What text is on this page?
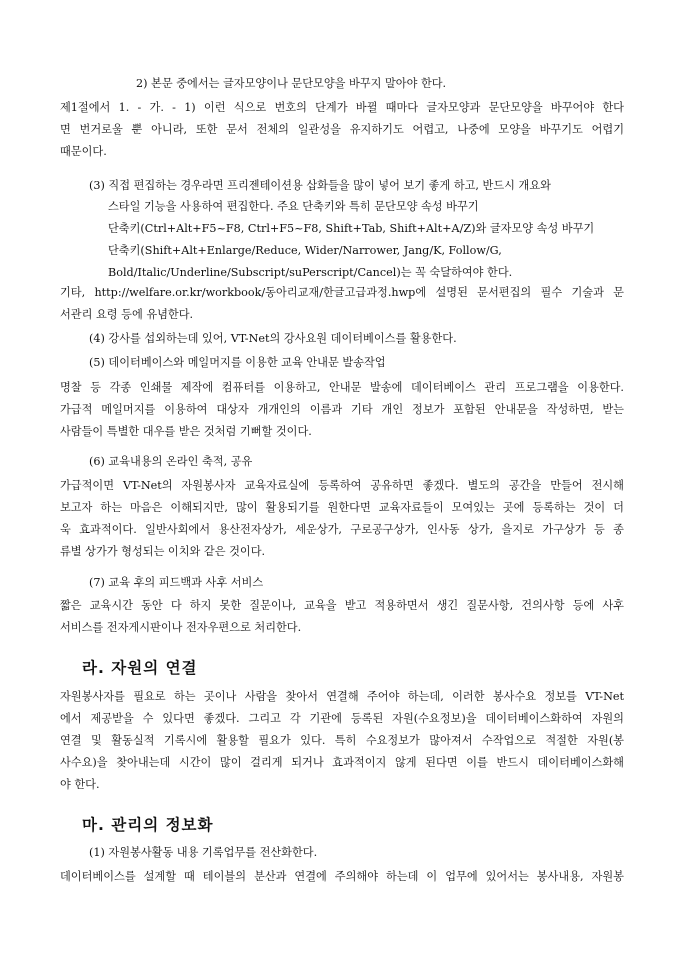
2) 본문 중에서는 글자모양이나 문단모양을 바꾸지 말아야 한다.

제1절에서 1. - 가. - 1) 이런 식으로 번호의 단계가 바뀔 때마다 글자모양과 문단모양을 바꾸어야 한다

면 번거로울 뿐 아니라, 또한 문서 전체의 일관성을 유지하기도 어렵고, 나중에 모양을 바꾸기도 어렵기

때문이다.

(3) 직접 편집하는 경우라면 프리젠테이션용 삽화들을 많이 넣어 보기 좋게 하고, 반드시 개요와

스타일 기능을 사용하여 편집한다. 주요 단축키와 특히 문단모양 속성 바꾸기

단축키(Ctrl+Alt+F5~F8, Ctrl+F5~F8, Shift+Tab, Shift+Alt+A/Z)와 글자모양 속성 바꾸기

단축키(Shift+Alt+Enlarge/Reduce, Wider/Narrower, Jang/K, Follow/G,

Bold/Italic/Underline/Subscript/suPerscript/Cancel)는 꼭 숙달하여야 한다.

기타, http://welfare.or.kr/workbook/동아리교재/한글고급과정.hwp에 설명된 문서편집의 필수 기술과 문

서관리 요령 등에 유념한다.

(4) 강사를 섭외하는데 있어, VT-Net의 강사요원 데이터베이스를 활용한다.

(5) 데이터베이스와 메일머지를 이용한 교육 안내문 발송작업

명찰 등 각종 인쇄물 제작에 컴퓨터를 이용하고, 안내문 발송에 데이터베이스 관리 프로그램을 이용한다.

가급적 메일머지를 이용하여 대상자 개개인의 이름과 기타 개인 정보가 포함된 안내문을 작성하면, 받는

사람들이 특별한 대우를 받은 것처럼 기뻐할 것이다.

(6) 교육내용의 온라인 축적, 공유

가급적이면 VT-Net의 자원봉사자 교육자료실에 등록하여 공유하면 좋겠다. 별도의 공간을 만들어 전시해

보고자 하는 마음은 이해되지만, 많이 활용되기를 원한다면 교육자료들이 모여있는 곳에 등록하는 것이 더

욱 효과적이다. 일반사회에서 용산전자상가, 세운상가, 구로공구상가, 인사동 상가, 을지로 가구상가 등 종

류별 상가가 형성되는 이치와 같은 것이다.

(7) 교육 후의 피드백과 사후 서비스

짧은 교육시간 동안 다 하지 못한 질문이나, 교육을 받고 적용하면서 생긴 질문사항, 건의사항 등에 사후

서비스를 전자게시판이나 전자우편으로 처리한다.

라. 자원의 연결

자원봉사자를 필요로 하는 곳이나 사람을 찾아서 연결해 주어야 하는데, 이러한 봉사수요 정보를 VT-Net

에서 제공받을 수 있다면 좋겠다. 그리고 각 기관에 등록된 자원(수요정보)을 데이터베이스화하여 자원의

연결 및 활동실적 기록시에 활용할 필요가 있다. 특히 수요정보가 많아져서 수작업으로 적절한 자원(봉

사수요)을 찾아내는데 시간이 많이 걸리게 되거나 효과적이지 않게 된다면 이를 반드시 데이터베이스화해

야 한다.

마. 관리의 정보화

(1) 자원봉사활동 내용 기록업무를 전산화한다.

데이터베이스를 설계할 때 테이블의 분산과 연결에 주의해야 하는데 이 업무에 있어서는 봉사내용, 자원봉
